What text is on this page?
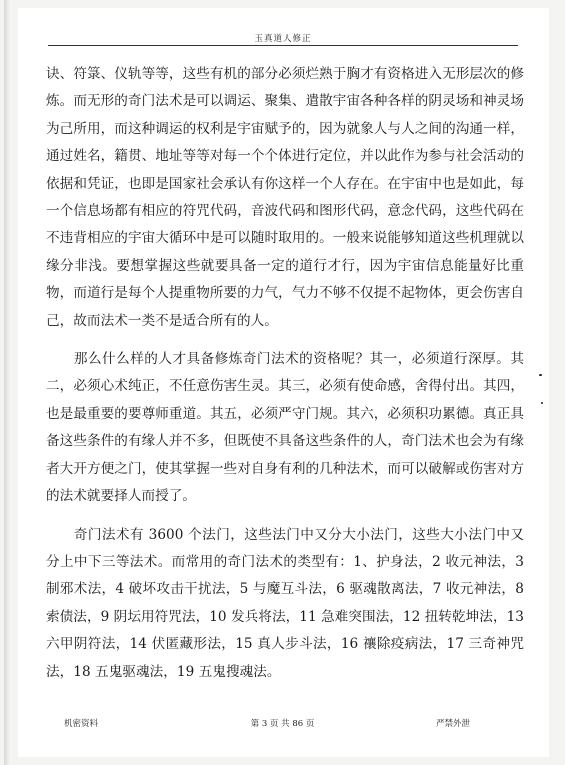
玉真道人修正

诀、符箓、仪轨等等，这些有机的部分必须烂熟于胸才有资格进入无形层次的修炼。而无形的奇门法术是可以调运、聚集、遣散宇宙各种各样的阴灵场和神灵场为己所用，而这种调运的权利是宇宙赋予的，因为就象人与人之间的沟通一样，通过姓名，籍贯、地址等等对每一个个体进行定位，并以此作为参与社会活动的依据和凭证，也即是国家社会承认有你这样一个人存在。在宇宙中也是如此，每一个信息场都有相应的符咒代码，音波代码和图形代码，意念代码，这些代码在不违背相应的宇宙大循环中是可以随时取用的。一般来说能够知道这些机理就以缘分非浅。要想掌握这些就要具备一定的道行才行，因为宇宙信息能量好比重物，而道行是每个人提重物所要的力气，气力不够不仅提不起物体，更会伤害自己，故而法术一类不是适合所有的人。

那么什么样的人才具备修炼奇门法术的资格呢？其一，必须道行深厚。其二，必须心术纯正，不任意伤害生灵。其三，必须有使命感，舍得付出。其四，也是最重要的要尊师重道。其五，必须严守门规。其六，必须积功累德。真正具备这些条件的有缘人并不多，但既使不具备这些条件的人，奇门法术也会为有缘者大开方便之门，使其掌握一些对自身有利的几种法术，而可以破解或伤害对方的法术就要择人而授了。

奇门法术有 3600 个法门，这些法门中又分大小法门，这些大小法门中又分上中下三等法术。而常用的奇门法术的类型有：1、护身法，2 收元神法，3 制邪术法，4 破坏攻击干扰法，5 与魔互斗法，6 驱魂散离法，7 收元神法，8 索债法，9 阴坛用符咒法，10 发兵将法，11 急难突围法，12 扭转乾坤法，13 六甲阴符法，14 伏匿藏形法，15 真人步斗法，16 禳除疫病法，17 三奇神咒法，18 五鬼驱魂法，19 五鬼搜魂法。

机密资料	第 3 页 共 86 页	严禁外泄
